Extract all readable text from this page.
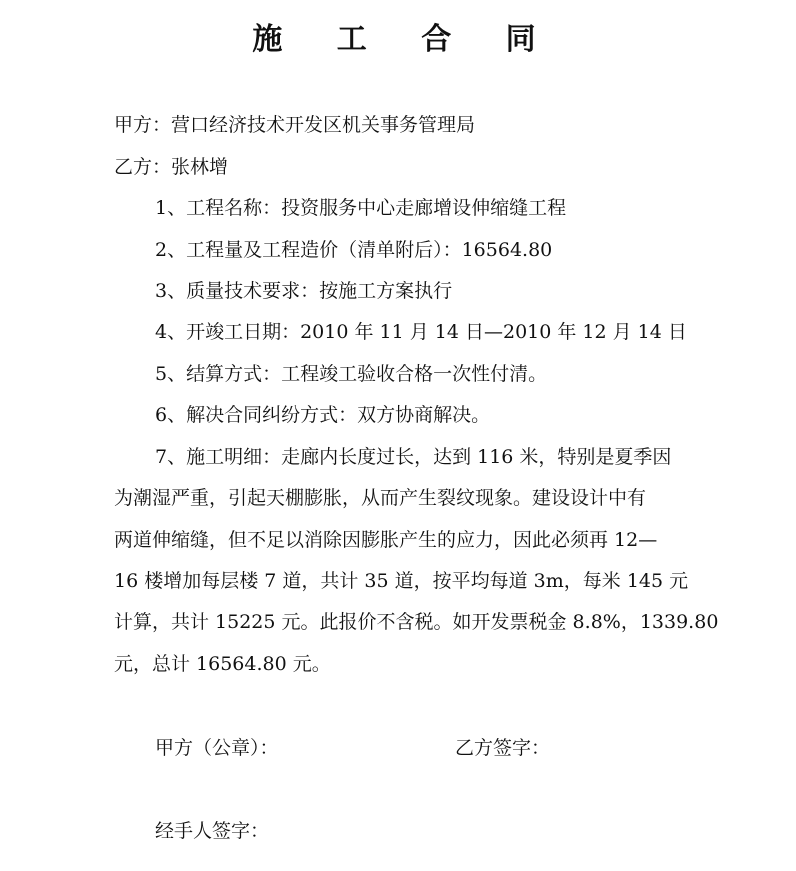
施 工 合 同
甲方：营口经济技术开发区机关事务管理局
乙方：张林增
1、工程名称：投资服务中心走廊增设伸缩缝工程
2、工程量及工程造价（清单附后）：16564.80
3、质量技术要求：按施工方案执行
4、开竣工日期：2010 年 11 月 14 日—2010 年 12 月 14 日
5、结算方式：工程竣工验收合格一次性付清。
6、解决合同纠纷方式：双方协商解决。
7、施工明细：走廊内长度过长，达到 116 米，特别是夏季因
为潮湿严重，引起天棚膨胀，从而产生裂纹现象。建设设计中有
两道伸缩缝，但不足以消除因膨胀产生的应力，因此必须再 12—
16 楼增加每层楼 7 道，共计 35 道，按平均每道 3m，每米 145 元
计算，共计 15225 元。此报价不含税。如开发票税金 8.8%，1339.80
元，总计 16564.80 元。
甲方（公章）：	乙方签字：
经手人签字：
